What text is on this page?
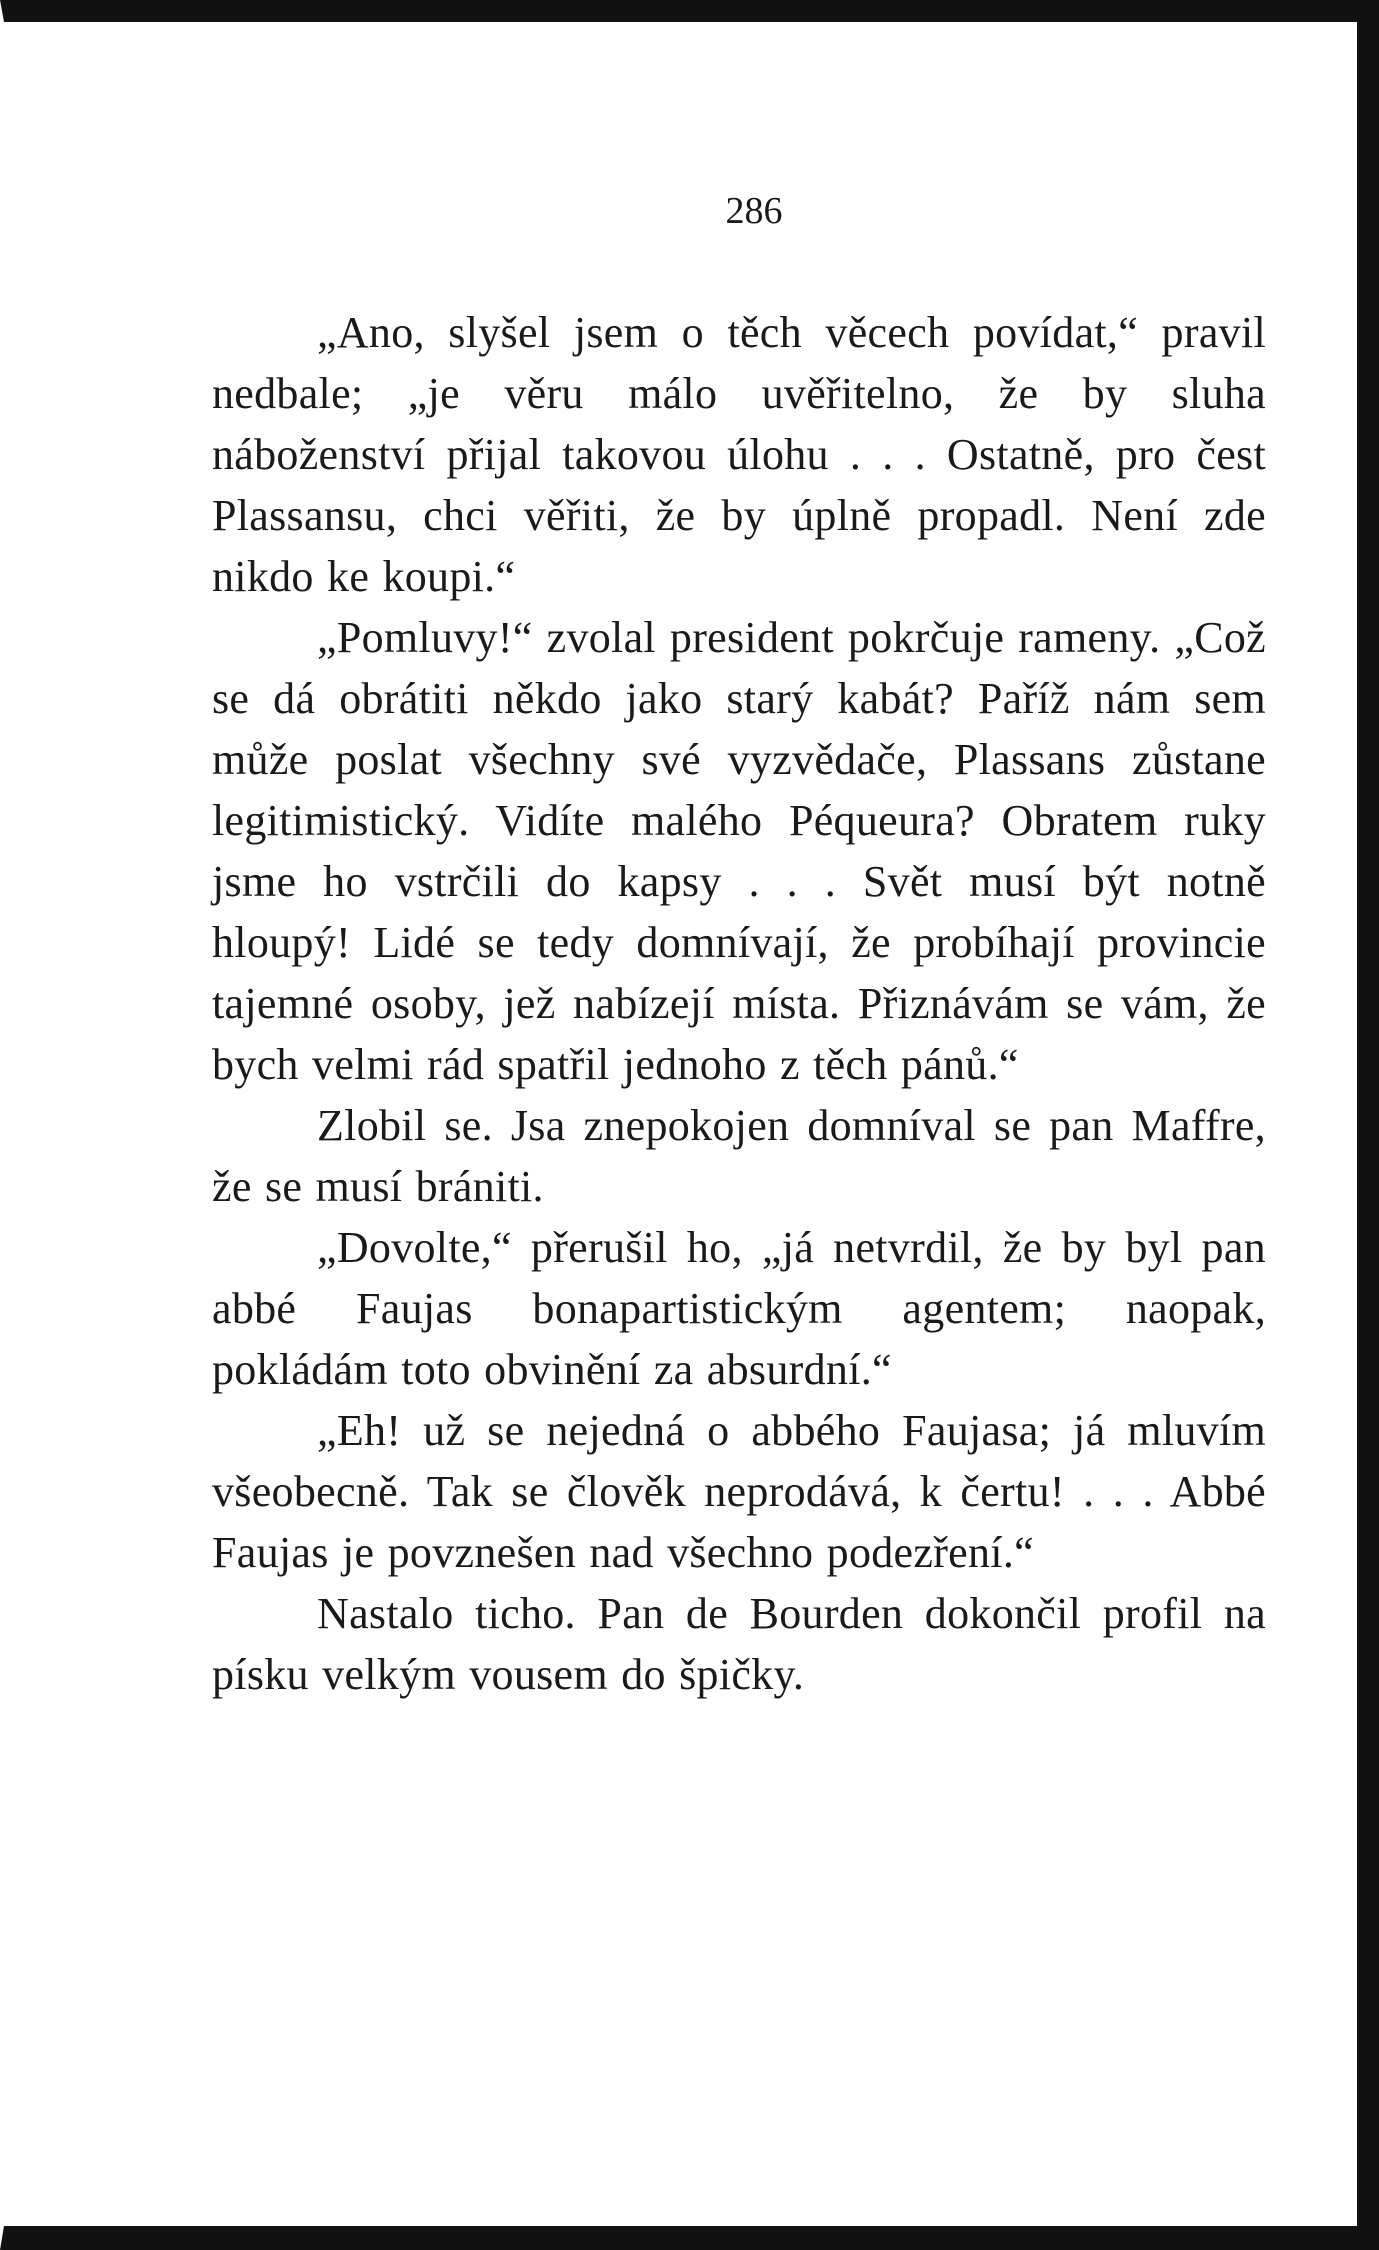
286

„Ano, slyšel jsem o těch věcech povídat,“ pravil nedbale; „je věru málo uvěřitelno, že by sluha náboženství přijal takovou úlohu . . . Ostatně, pro čest Plassansu, chci věřiti, že by úplně propadl. Není zde nikdo ke koupi.“

„Pomluvy!“ zvolal president pokrčuje rameny. „Což se dá obrátiti někdo jako starý kabát? Paříž nám sem může poslat všechny své vyzvědače, Plassans zůstane legitimistický. Vidíte malého Péqueura? Obratem ruky jsme ho vstrčili do kapsy . . . Svět musí být notně hloupý! Lidé se tedy domnívají, že probíhají provincie tajemné osoby, jež nabízejí místa. Přiznávám se vám, že bych velmi rád spatřil jednoho z těch pánů.“

Zlobil se. Jsa znepokojen domníval se pan Maffre, že se musí brániti.

„Dovolte,“ přerušil ho, „já netvrdil, že by byl pan abbé Faujas bonapartistickým agentem; naopak, pokládám toto obvinění za absurdní.“

„Eh! už se nejedná o abbého Faujasa; já mluvím všeobecně. Tak se člověk neprodává, k čertu! . . . Abbé Faujas je povznešen nad všechno podezření.“

Nastalo ticho. Pan de Bourden dokončil profil na písku velkým vousem do špičky.
